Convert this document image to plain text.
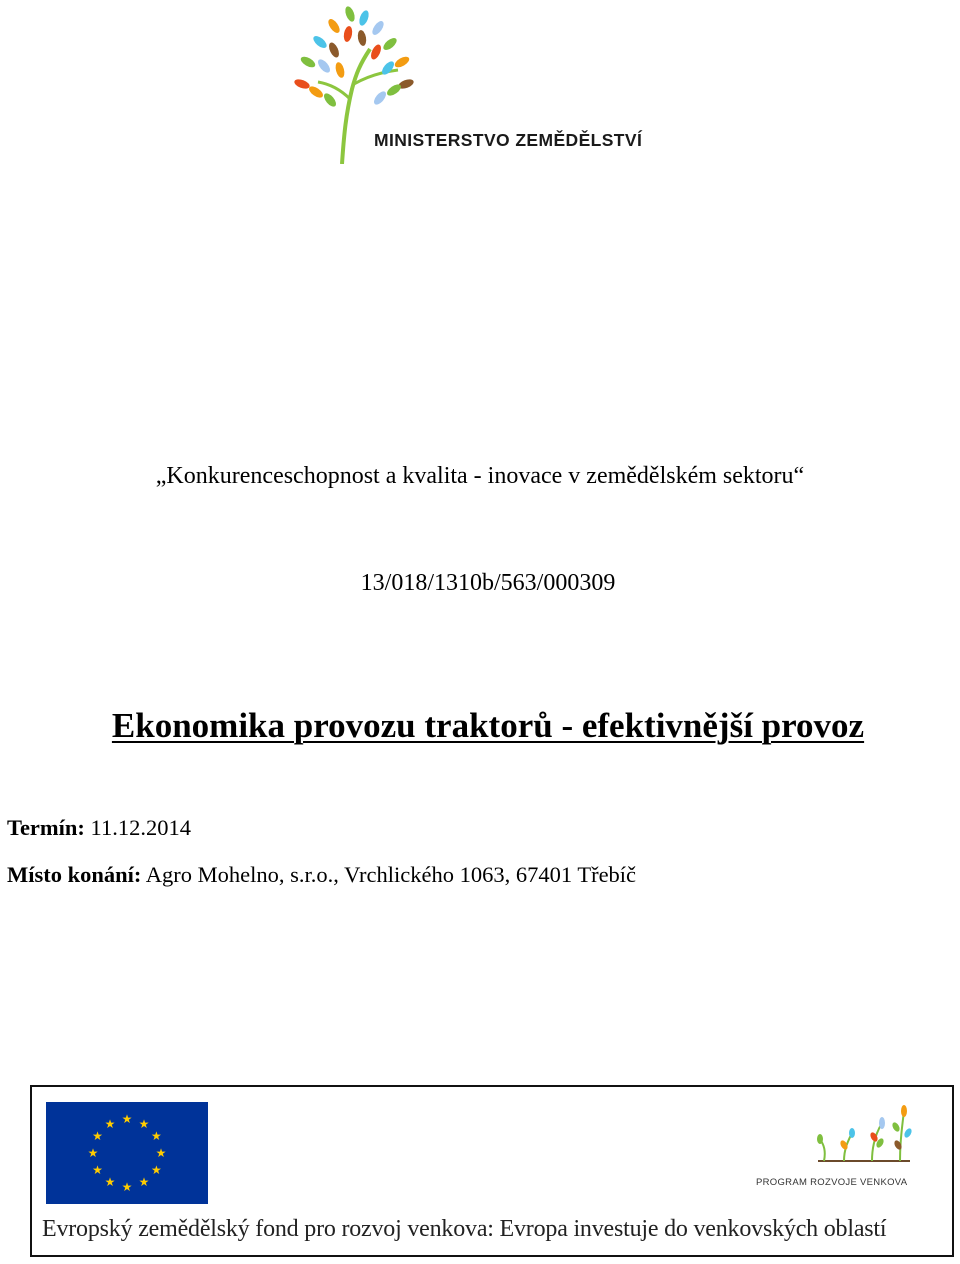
MINISTERSTVO ZEMĚDĚLSTVÍ
„Konkurenceschopnost a kvalita - inovace v zemědělském sektoru“
13/018/1310b/563/000309
Ekonomika provozu traktorů - efektivnější provoz
Termín: 11.12.2014
Místo konání: Agro Mohelno, s.r.o., Vrchlického 1063, 67401 Třebíč
★ ★
★
★
★
★
★
★
★
★
★
★
PROGRAM ROZVOJE VENKOVA
Evropský zemědělský fond pro rozvoj venkova: Evropa investuje do venkovských oblastí
